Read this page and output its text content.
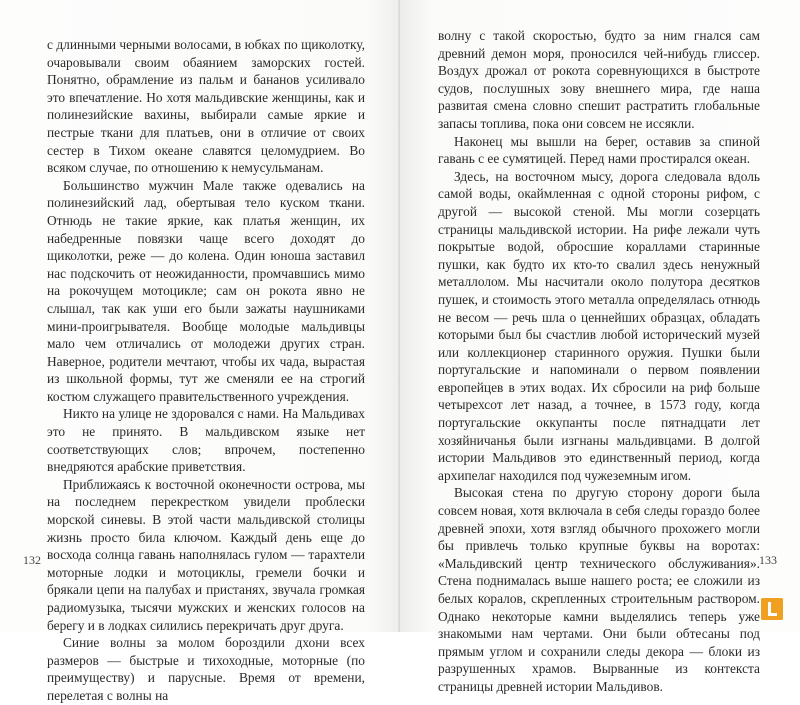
с длинными черными волосами, в юбках по щиколотку, очаровывали своим обаянием заморских гостей. Понятно, обрамление из пальм и бананов усиливало это впечатление. Но хотя мальдивские женщины, как и полинезийские вахины, выбирали самые яркие и пестрые ткани для платьев, они в отличие от своих сестер в Тихом океане славятся целомудрием. Во всяком случае, по отношению к немусульманам.

Большинство мужчин Мале также одевались на полинезийский лад, обертывая тело куском ткани. Отнюдь не такие яркие, как платья женщин, их набедренные повязки чаще всего доходят до щиколотки, реже — до колена. Один юноша заставил нас подскочить от неожиданности, промчавшись мимо на рокочущем мотоцикле; сам он рокота явно не слышал, так как уши его были зажаты наушниками мини-проигрывателя. Вообще молодые мальдивцы мало чем отличались от молодежи других стран. Наверное, родители мечтают, чтобы их чада, вырастая из школьной формы, тут же сменяли ее на строгий костюм служащего правительственного учреждения.

Никто на улице не здоровался с нами. На Мальдивах это не принято. В мальдивском языке нет соответствующих слов; впрочем, постепенно внедряются арабские приветствия.

Приближаясь к восточной оконечности острова, мы на последнем перекрестком увидели проблески морской синевы. В этой части мальдивской столицы жизнь просто била ключом. Каждый день еще до восхода солнца гавань наполнялась гулом — тарахтели моторные лодки и мотоциклы, гремели бочки и брякали цепи на палубах и пристанях, звучала громкая радиомузыка, тысячи мужских и женских голосов на берегу и в лодках силились перекричать друг друга.

Синие волны за молом бороздили дхони всех размеров — быстрые и тихоходные, моторные (по преимуществу) и парусные. Время от времени, перелетая с волны на

132

волну с такой скоростью, будто за ним гнался сам древний демон моря, проносился чей-нибудь глиссер. Воздух дрожал от рокота соревнующихся в быстроте судов, послушных зову внешнего мира, где наша развитая смена словно спешит растратить глобальные запасы топлива, пока они совсем не иссякли.

Наконец мы вышли на берег, оставив за спиной гавань с ее сумятицей. Перед нами простирался океан.

Здесь, на восточном мысу, дорога следовала вдоль самой воды, окаймленная с одной стороны рифом, с другой — высокой стеной. Мы могли созерцать страницы мальдивской истории. На рифе лежали чуть покрытые водой, обросшие кораллами старинные пушки, как будто их кто-то свалил здесь ненужный металлолом. Мы насчитали около полутора десятков пушек, и стоимость этого металла определялась отнюдь не весом — речь шла о ценнейших образцах, обладать которыми был бы счастлив любой исторический музей или коллекционер старинного оружия. Пушки были португальские и напоминали о первом появлении европейцев в этих водах. Их сбросили на риф больше четырехсот лет назад, а точнее, в 1573 году, когда португальские оккупанты после пятнадцати лет хозяйничанья были изгнаны мальдивцами. В долгой истории Мальдивов это единственный период, когда архипелаг находился под чужеземным игом.

Высокая стена по другую сторону дороги была совсем новая, хотя включала в себя следы гораздо более древней эпохи, хотя взгляд обычного прохожего могли бы привлечь только крупные буквы на воротах: «Мальдивский центр технического обслуживания». Стена поднималась выше нашего роста; ее сложили из белых коралов, скрепленных строительным раствором. Однако некоторые камни выделялись теперь уже знакомыми нам чертами. Они были обтесаны под прямым углом и сохранили следы декора — блоки из разрушенных храмов. Вырванные из контекста страницы древней истории Мальдивов.

133
